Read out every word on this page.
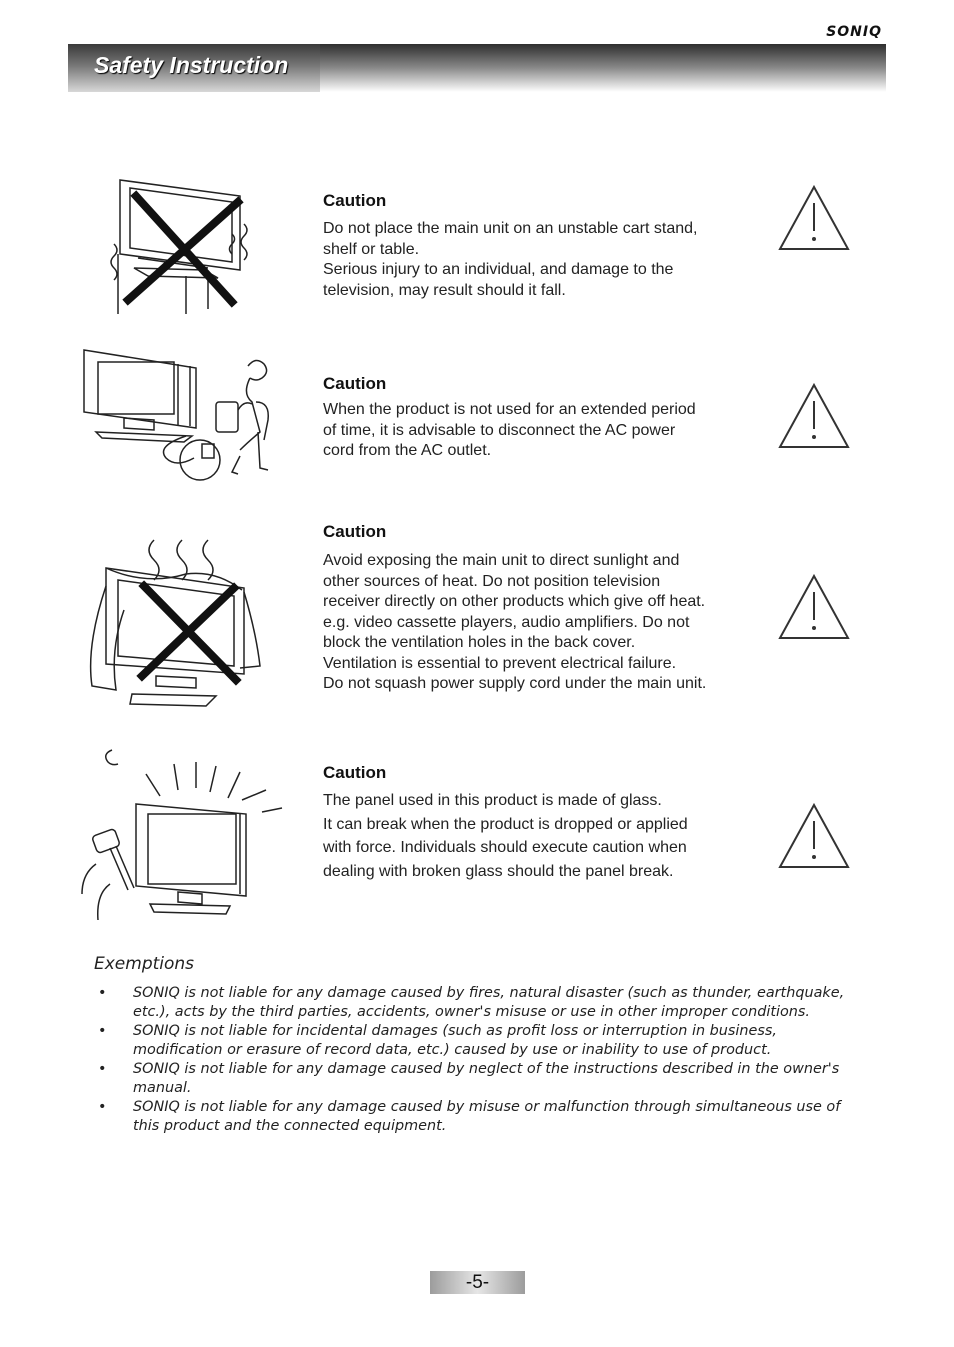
SONIQ
Safety Instruction
Caution
Do not place the main unit on an unstable cart stand,
shelf or table.
Serious injury to an individual, and damage to the
television, may result should it fall.
Caution
When the product is not used for an extended period
of time, it is advisable to disconnect the AC power
cord from the AC outlet.
Caution
Avoid exposing the main unit to direct sunlight and
other sources of heat. Do not position television
receiver directly on other products which give off heat.
e.g. video cassette players, audio amplifiers. Do not
block the ventilation holes in the back cover.
Ventilation is essential to prevent electrical failure.
Do not squash power supply cord under the main unit.
Caution
The panel used in this product is made of glass.
It can break when the product is dropped or applied
with force. Individuals should execute caution when
dealing with broken glass should the panel break.
Exemptions
• SONIQ is not liable for any damage caused by fires, natural disaster (such as thunder, earthquake, etc.), acts by the third parties, accidents, owner's misuse or use in other improper conditions.
• SONIQ is not liable for incidental damages (such as profit loss or interruption in business, modification or erasure of record data, etc.) caused by use or inability to use of product.
• SONIQ is not liable for any damage caused by neglect of the instructions described in the owner's manual.
• SONIQ is not liable for any damage caused by misuse or malfunction through simultaneous use of this product and the connected equipment.
-5-
